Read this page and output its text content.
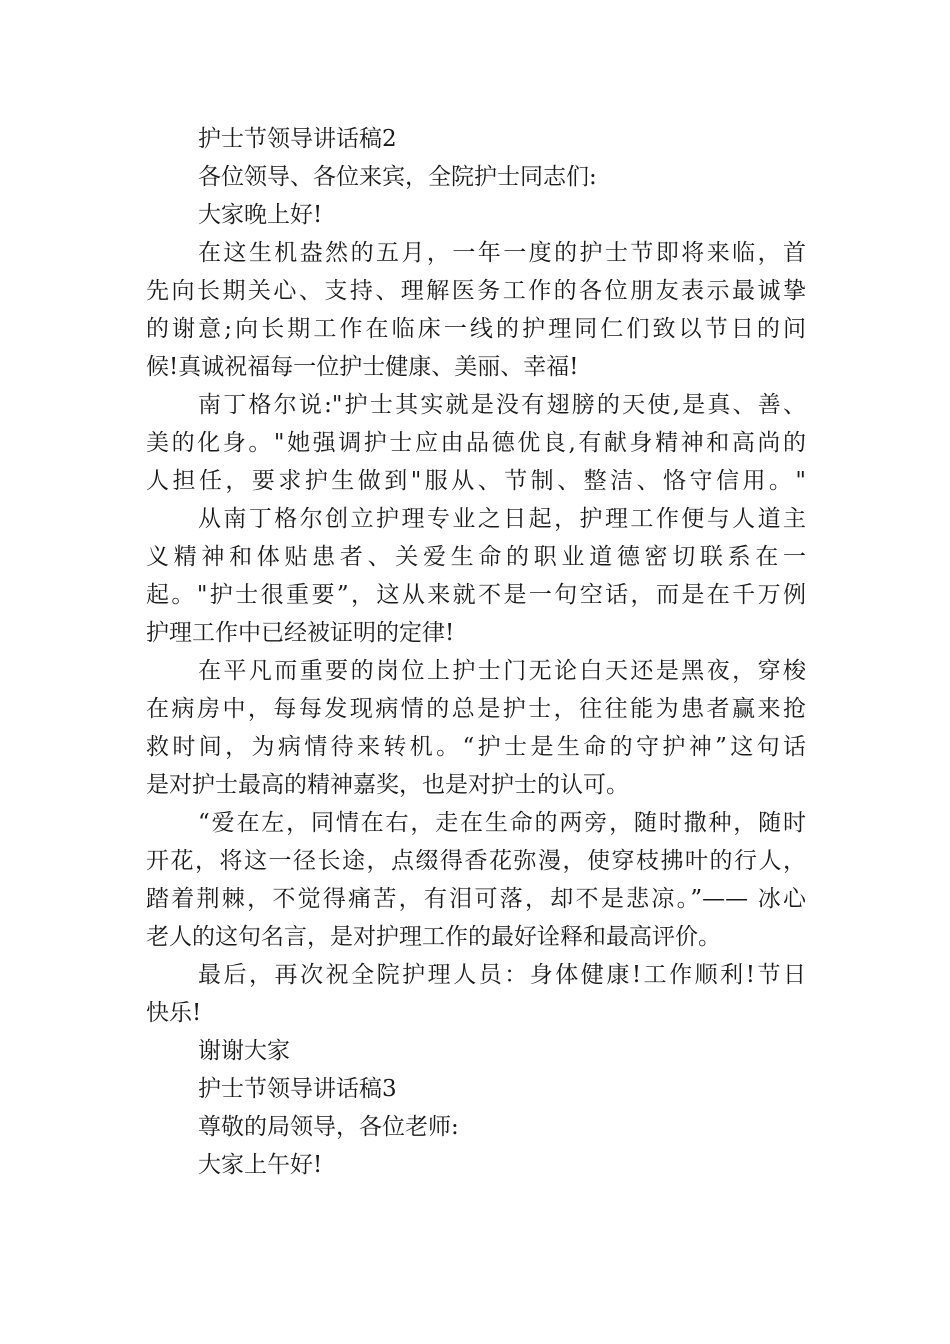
护士节领导讲话稿2
各位领导、各位来宾，全院护士同志们:
大家晚上好!
在这生机盎然的五月，一年一度的护士节即将来临，首
先向长期关心、支持、理解医务工作的各位朋友表示最诚挚
的谢意;向长期工作在临床一线的护理同仁们致以节日的问
候!真诚祝福每一位护士健康、美丽、幸福!
南丁格尔说:"护士其实就是没有翅膀的天使,是真、善、
美的化身。"她强调护士应由品德优良,有献身精神和高尚的
人担任，要求护生做到"服从、节制、整洁、恪守信用。"
从南丁格尔创立护理专业之日起，护理工作便与人道主
义精神和体贴患者、关爱生命的职业道德密切联系在一
起。"护士很重要”，这从来就不是一句空话，而是在千万例
护理工作中已经被证明的定律!
在平凡而重要的岗位上护士门无论白天还是黑夜，穿梭
在病房中，每每发现病情的总是护士，往往能为患者赢来抢
救时间，为病情待来转机。“护士是生命的守护神”这句话
是对护士最高的精神嘉奖，也是对护士的认可。
“爱在左，同情在右，走在生命的两旁，随时撒种，随时
开花，将这一径长途，点缀得香花弥漫，使穿枝拂叶的行人，
踏着荆棘，不觉得痛苦，有泪可落，却不是悲凉。”—— 冰心
老人的这句名言，是对护理工作的最好诠释和最高评价。
最后，再次祝全院护理人员：身体健康!工作顺利!节日
快乐!
谢谢大家
护士节领导讲话稿3
尊敬的局领导，各位老师:
大家上午好!
